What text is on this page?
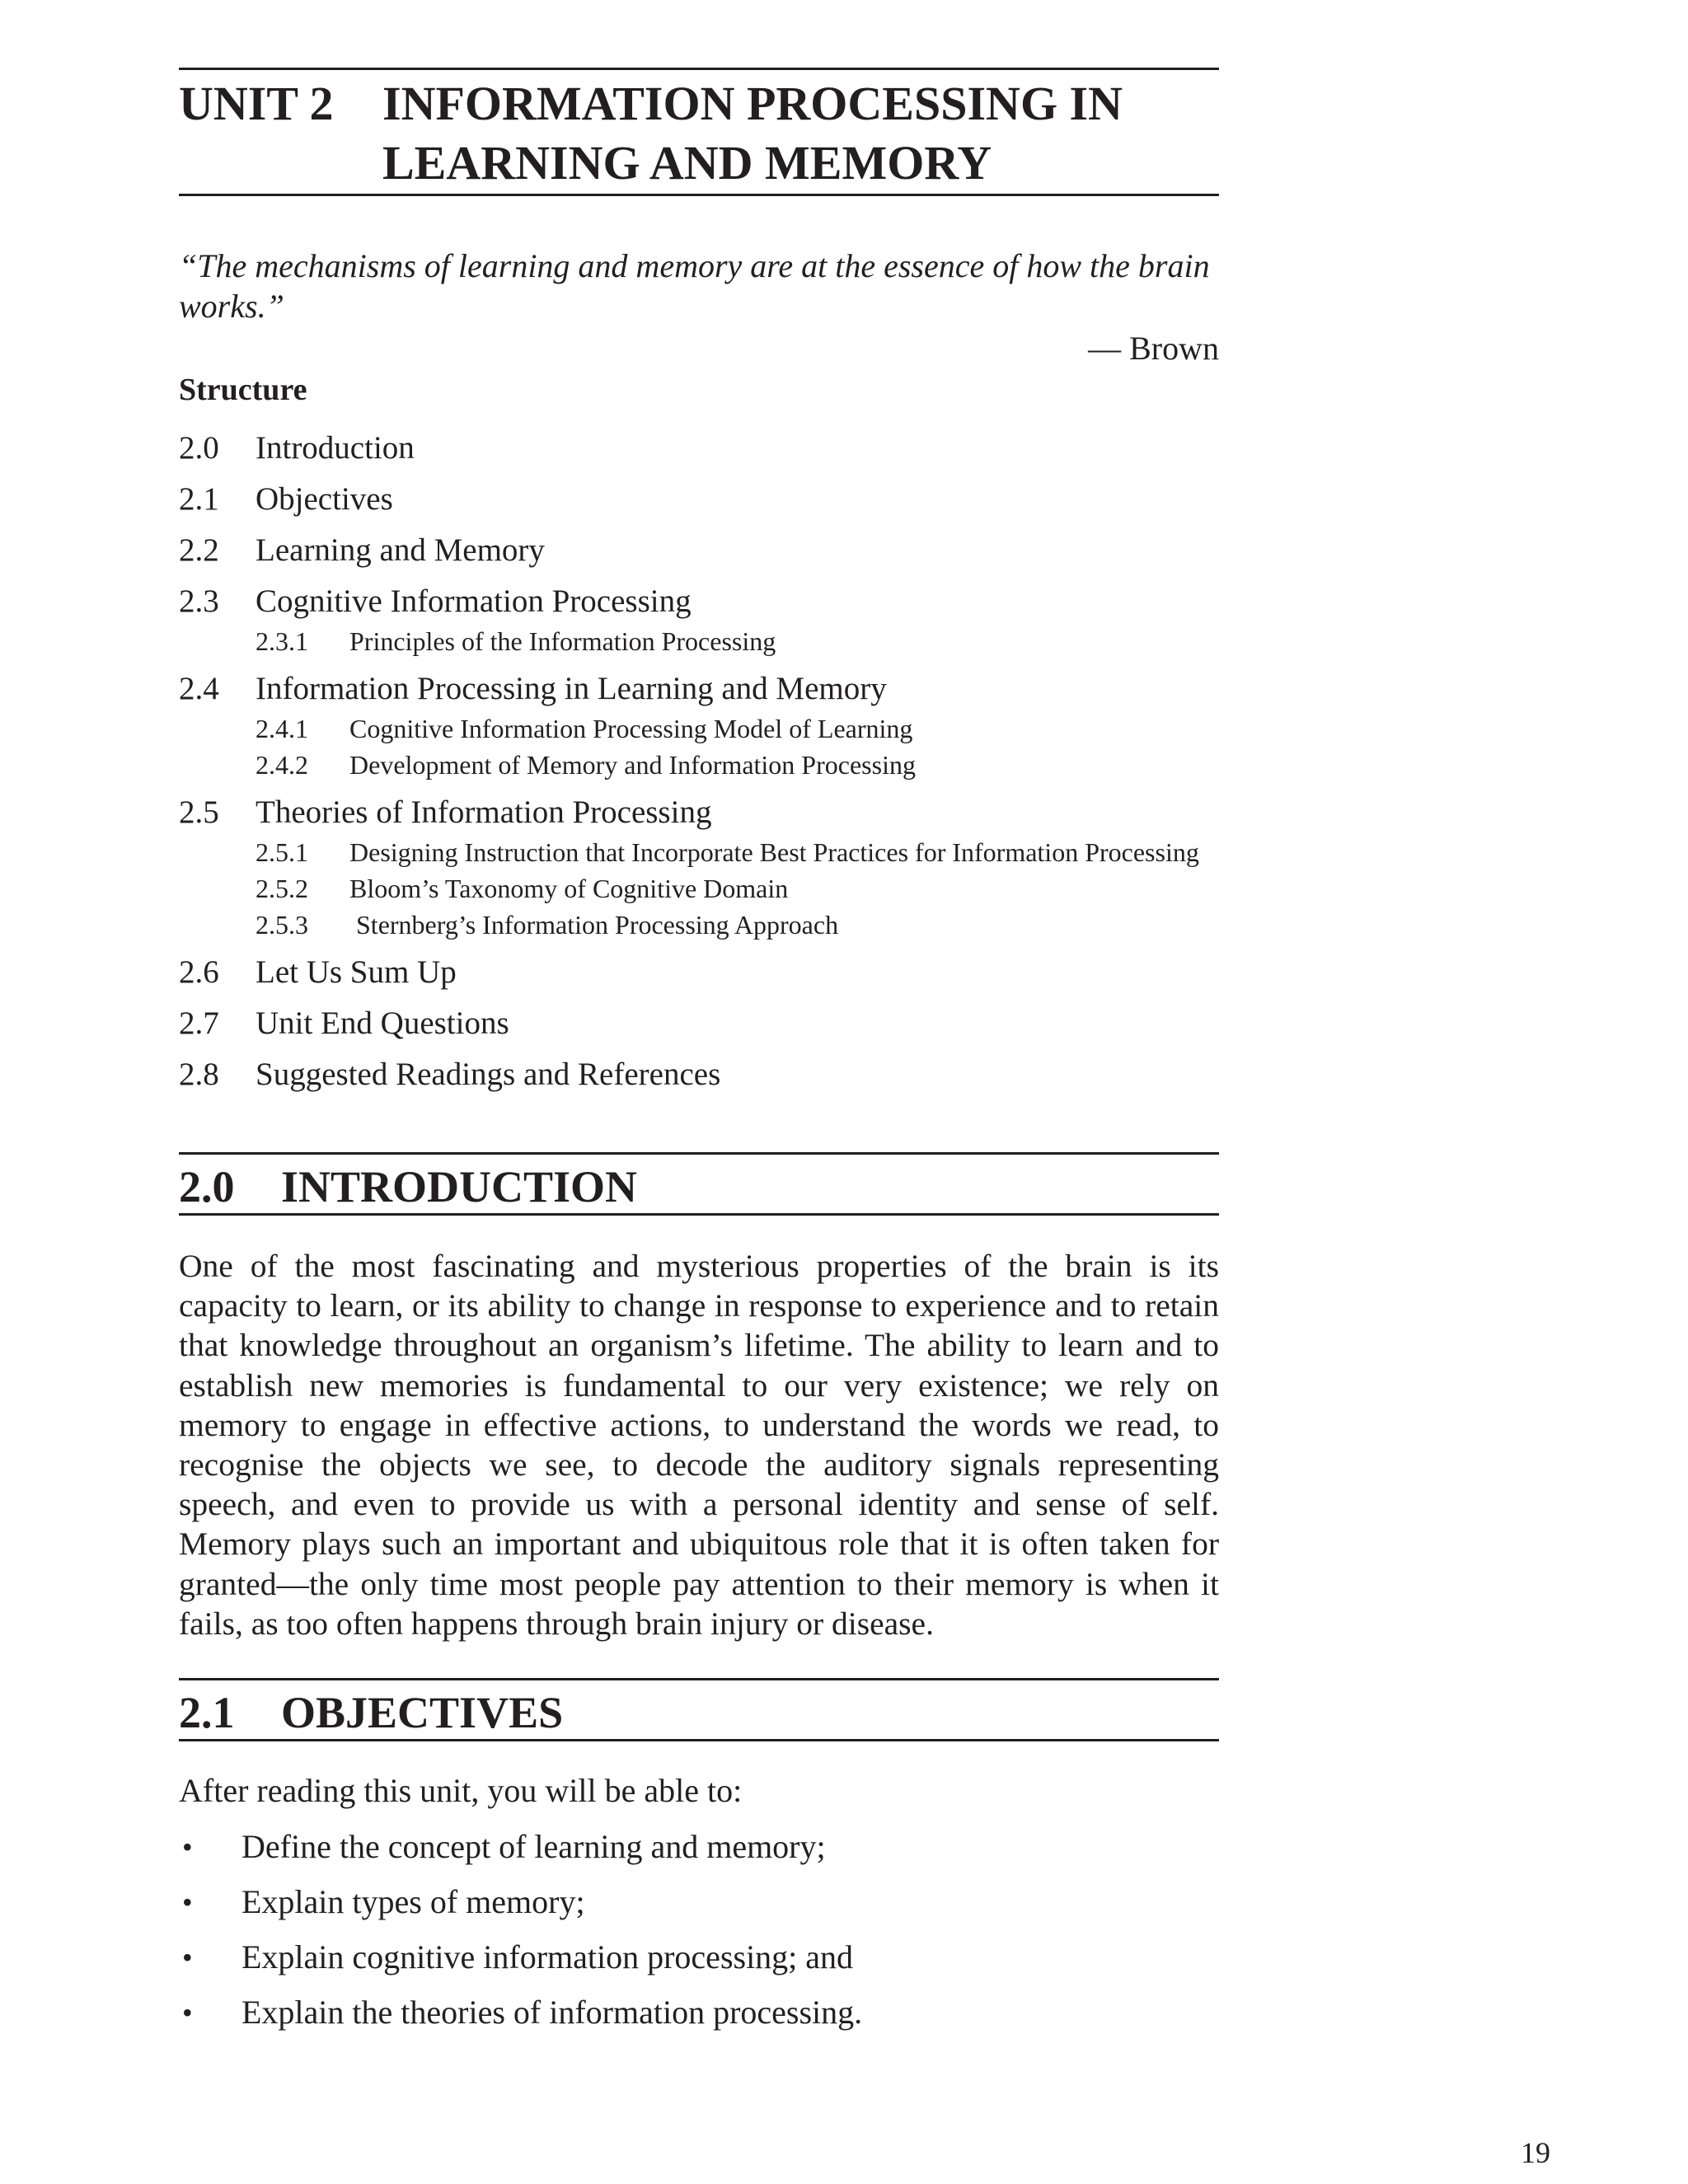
UNIT 2 INFORMATION PROCESSING IN
LEARNING AND MEMORY
“The mechanisms of learning and memory are at the essence of how the brain works.”
— Brown
Structure
2.0	Introduction
2.1	Objectives
2.2	Learning and Memory
2.3	Cognitive Information Processing
2.3.1	Principles of the Information Processing
2.4	Information Processing in Learning and Memory
2.4.1	Cognitive Information Processing Model of Learning
2.4.2	Development of Memory and Information Processing
2.5	Theories of Information Processing
2.5.1	Designing Instruction that Incorporate Best Practices for Information Processing
2.5.2	Bloom’s Taxonomy of Cognitive Domain
2.5.3	Sternberg’s Information Processing Approach
2.6	Let Us Sum Up
2.7	Unit End Questions
2.8	Suggested Readings and References
2.0 INTRODUCTION
One of the most fascinating and mysterious properties of the brain is its capacity to learn, or its ability to change in response to experience and to retain that knowledge throughout an organism’s lifetime. The ability to learn and to establish new memories is fundamental to our very existence; we rely on memory to engage in effective actions, to understand the words we read, to recognise the objects we see, to decode the auditory signals representing speech, and even to provide us with a personal identity and sense of self. Memory plays such an important and ubiquitous role that it is often taken for granted—the only time most people pay attention to their memory is when it fails, as too often happens through brain injury or disease.
2.1 OBJECTIVES
After reading this unit, you will be able to:
• Define the concept of learning and memory;
• Explain types of memory;
• Explain cognitive information processing; and
• Explain the theories of information processing.
19
